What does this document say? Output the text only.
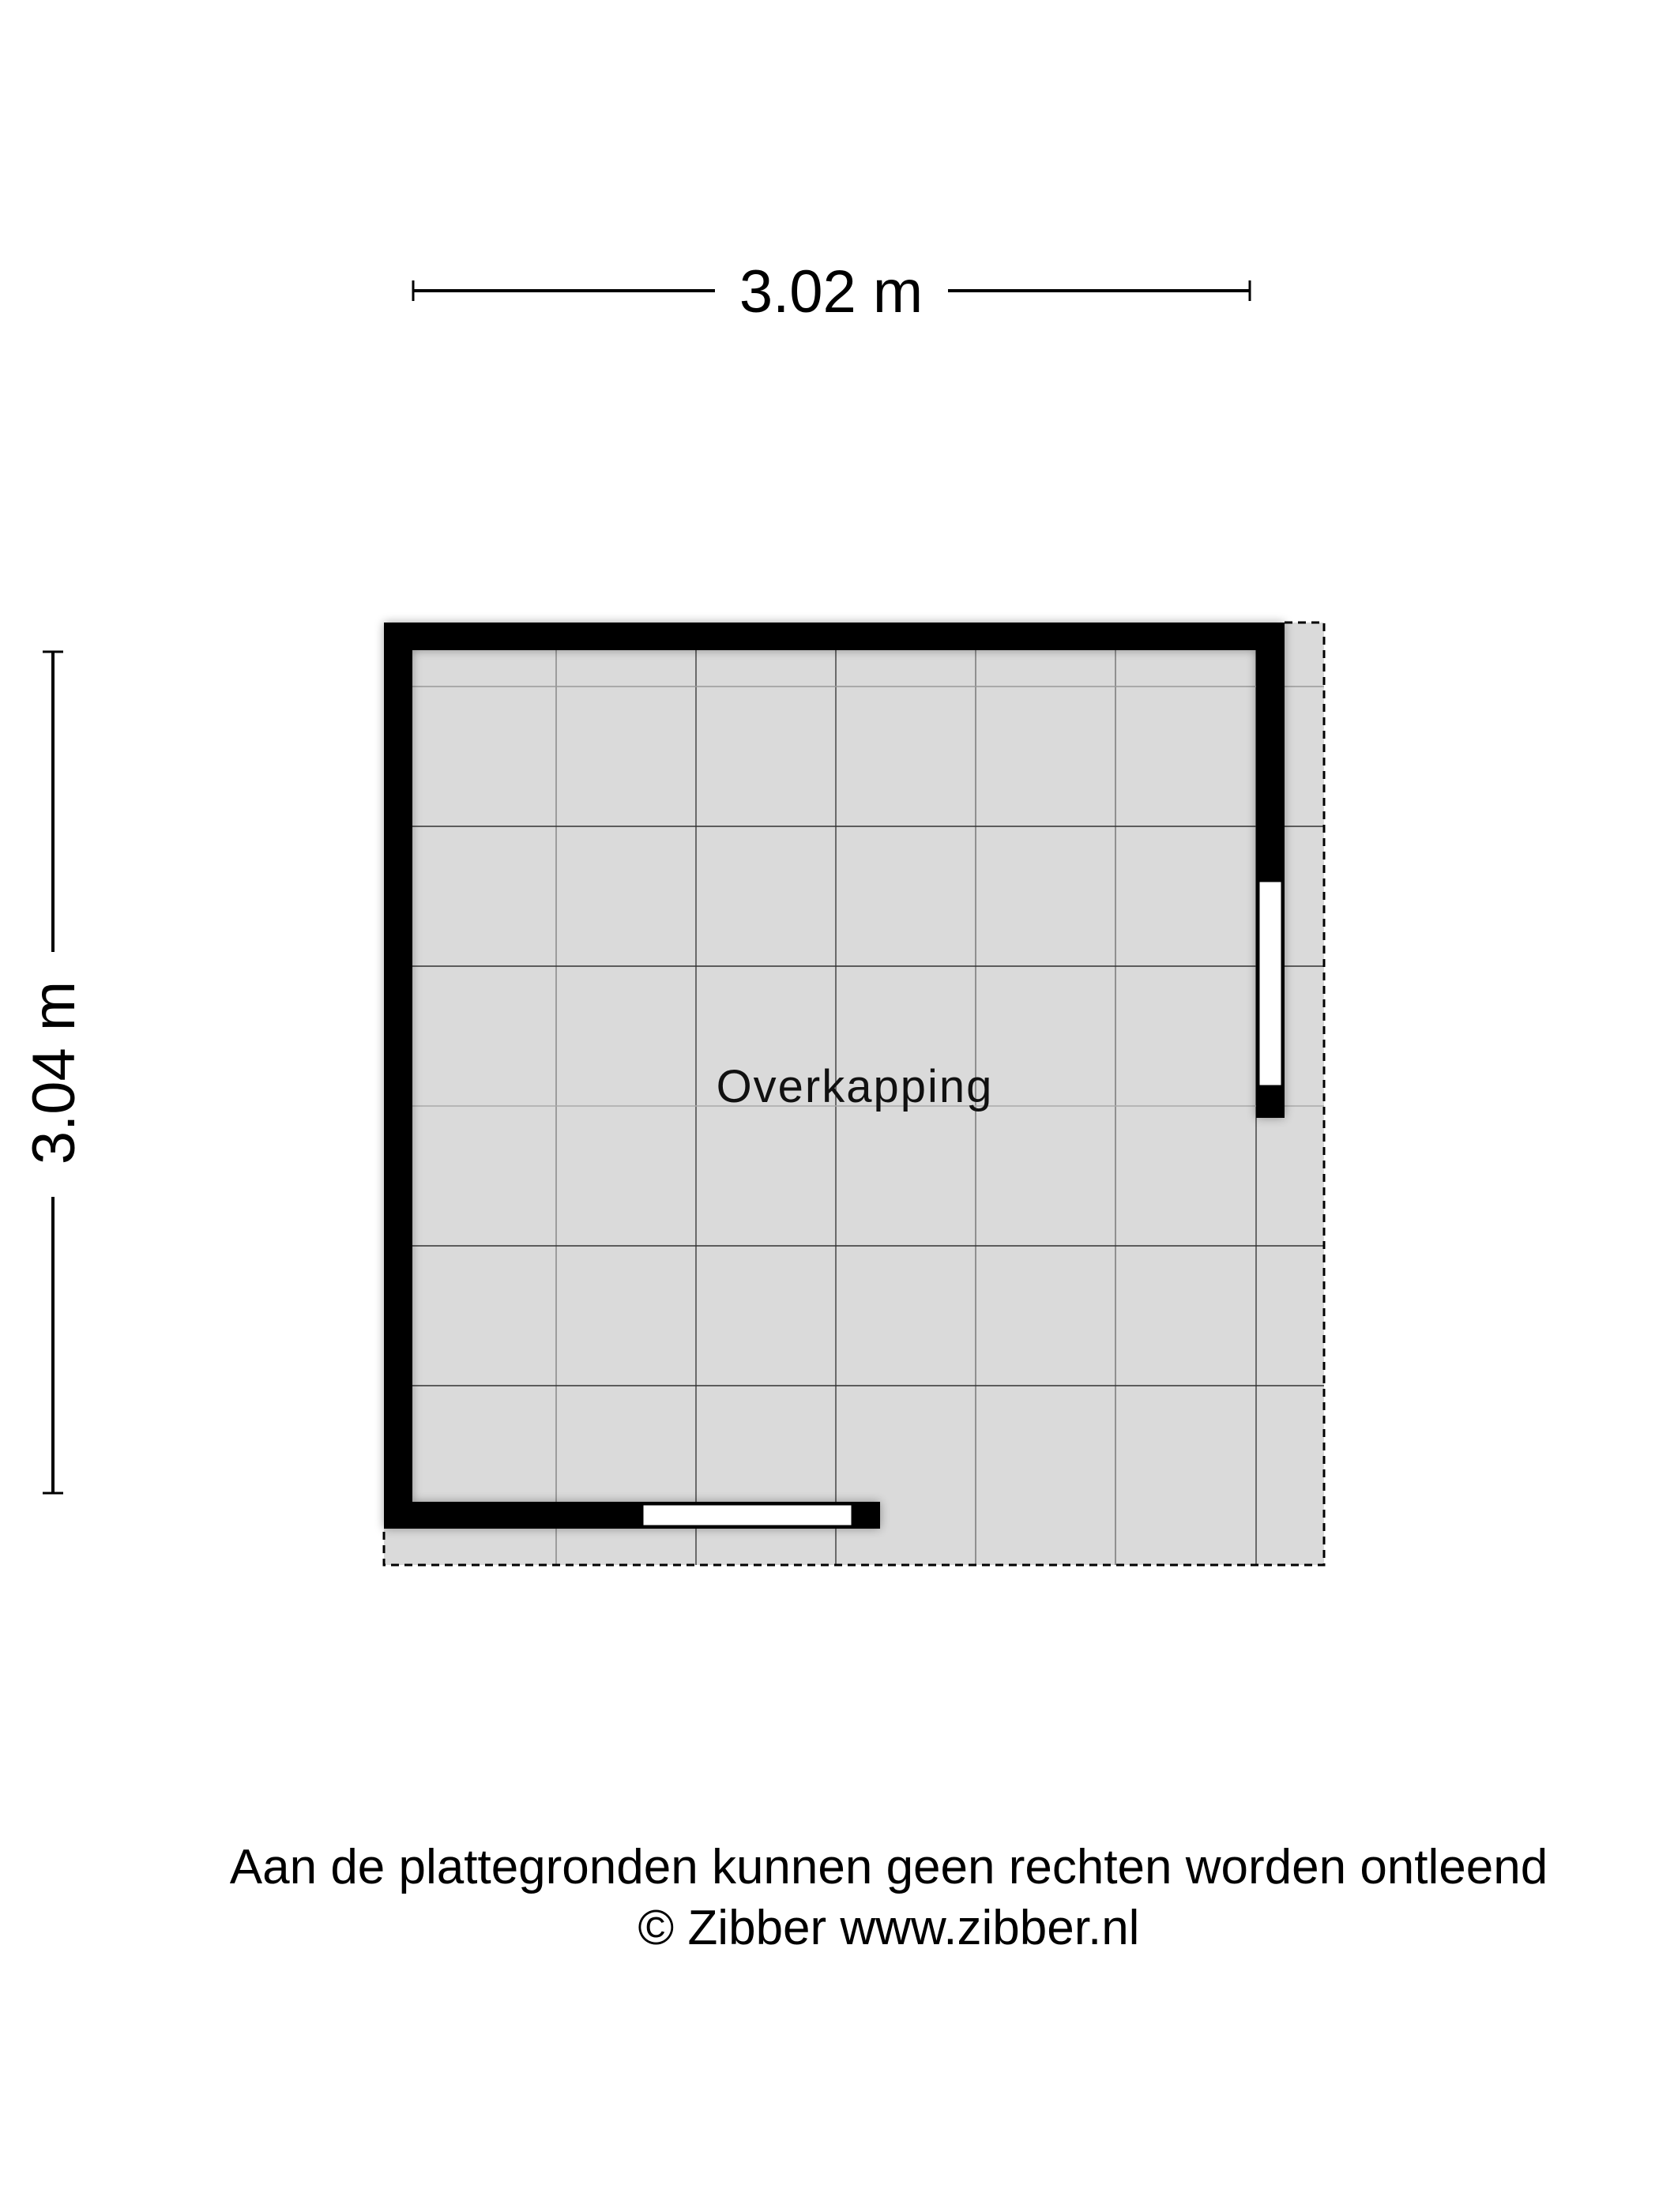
3.02 m
3.04 m	Overkapping
Aan de plattegronden kunnen geen rechten worden ontleend
© Zibber www.zibber.nl
